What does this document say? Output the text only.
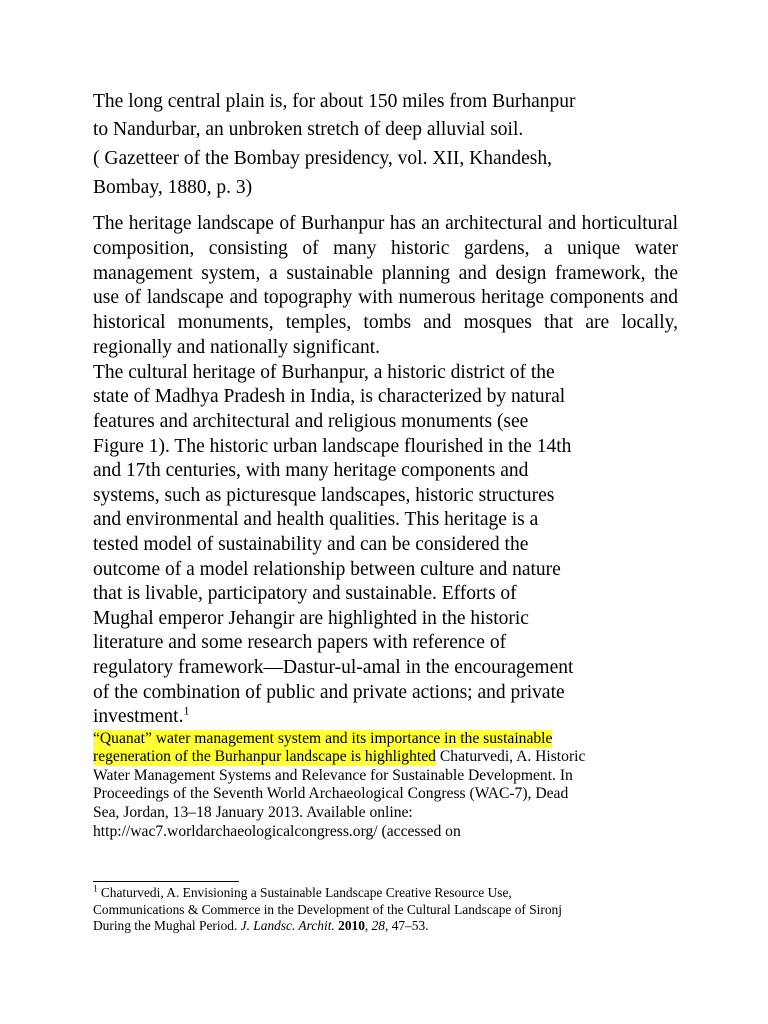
The long central plain is, for about 150 miles from Burhanpur

to Nandurbar, an unbroken stretch of deep alluvial soil.

( Gazetteer of the Bombay presidency, vol. XII, Khandesh,
Bombay, 1880, p. 3)

The heritage landscape of Burhanpur has an architectural and horticultural composition, consisting of many historic gardens, a unique water management system, a sustainable planning and design framework, the use of landscape and topography with numerous heritage components and historical monuments, temples, tombs and mosques that are locally, regionally and nationally significant.

The cultural heritage of Burhanpur, a historic district of the
state of Madhya Pradesh in India, is characterized by natural
features and architectural and religious monuments (see
Figure 1). The historic urban landscape flourished in the 14th
and 17th centuries, with many heritage components and
systems, such as picturesque landscapes, historic structures
and environmental and health qualities. This heritage is a
tested model of sustainability and can be considered the
outcome of a model relationship between culture and nature
that is livable, participatory and sustainable. Efforts of
Mughal emperor Jehangir are highlighted in the historic
literature and some research papers with reference of
regulatory framework—Dastur-ul-amal in the encouragement
of the combination of public and private actions; and private
investment.$^1$

“Quanat” water management system and its importance in the sustainable
regeneration of the Burhanpur landscape is highlighted Chaturvedi, A. Historic
Water Management Systems and Relevance for Sustainable Development. In
Proceedings of the Seventh World Archaeological Congress (WAC-7), Dead
Sea, Jordan, 13–18 January 2013. Available online:
http://wac7.worldarchaeologicalcongress.org/ (accessed on

$^1$ Chaturvedi, A. Envisioning a Sustainable Landscape Creative Resource Use,
Communications & Commerce in the Development of the Cultural Landscape of Sironj
During the Mughal Period. J. Landsc. Archit. 2010, 28, 47–53.
